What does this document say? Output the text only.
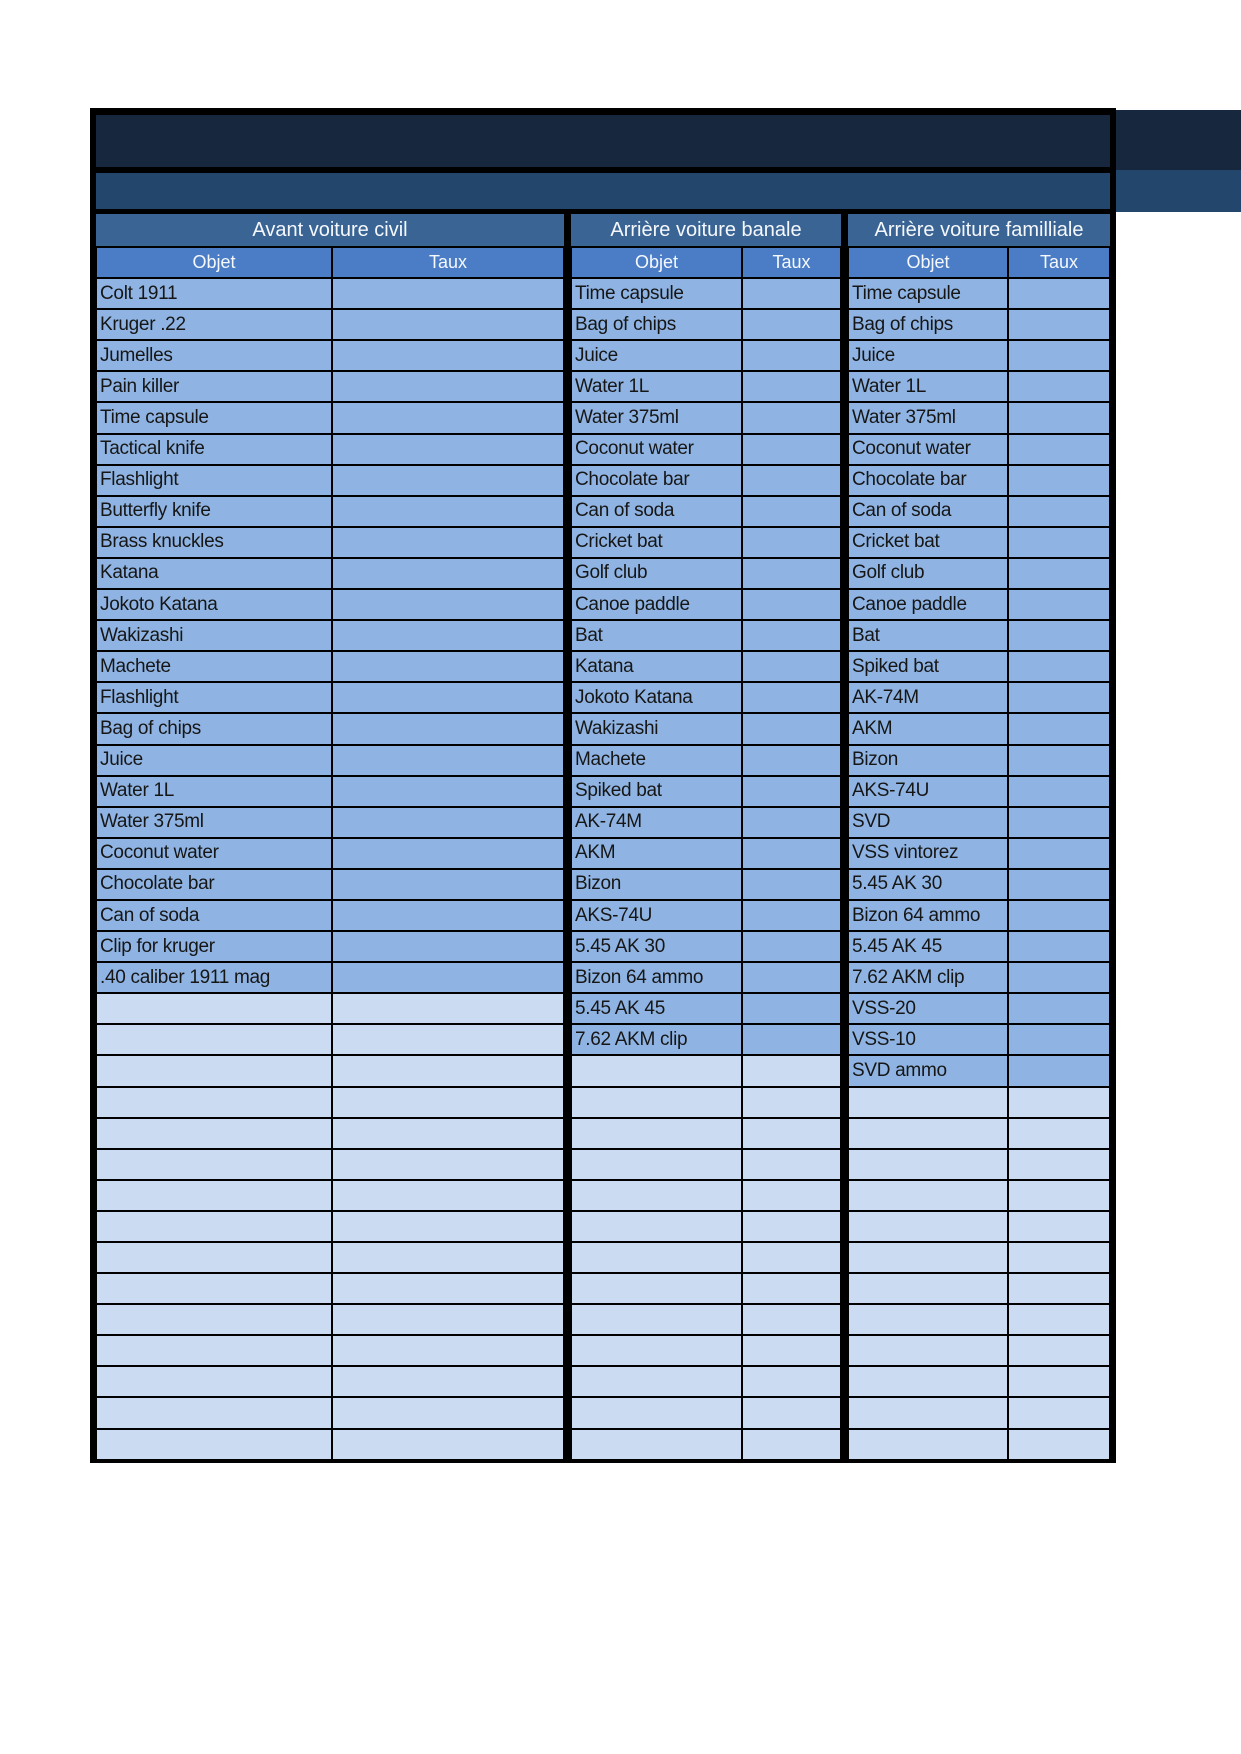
Avant voiture civil
Objet	Taux
Colt 1911
Kruger .22
Jumelles
Pain killer
Time capsule
Tactical knife
Flashlight
Butterfly knife
Brass knuckles
Katana
Jokoto Katana
Wakizashi
Machete
Flashlight
Bag of chips
Juice
Water 1L
Water 375ml
Coconut water
Chocolate bar
Can of soda
Clip for kruger
.40 caliber 1911 mag
Arrière voiture banale
Objet	Taux
Time capsule
Bag of chips
Juice
Water 1L
Water 375ml
Coconut water
Chocolate bar
Can of soda
Cricket bat
Golf club
Canoe paddle
Bat
Katana
Jokoto Katana
Wakizashi
Machete
Spiked bat
AK-74M
AKM
Bizon
AKS-74U
5.45 AK 30
Bizon 64 ammo
5.45 AK 45
7.62 AKM clip
Arrière voiture familliale
Objet	Taux
Time capsule
Bag of chips
Juice
Water 1L
Water 375ml
Coconut water
Chocolate bar
Can of soda
Cricket bat
Golf club
Canoe paddle
Bat
Spiked bat
AK-74M
AKM
Bizon
AKS-74U
SVD
VSS vintorez
5.45 AK 30
Bizon 64 ammo
5.45 AK 45
7.62 AKM clip
VSS-20
VSS-10
SVD ammo
